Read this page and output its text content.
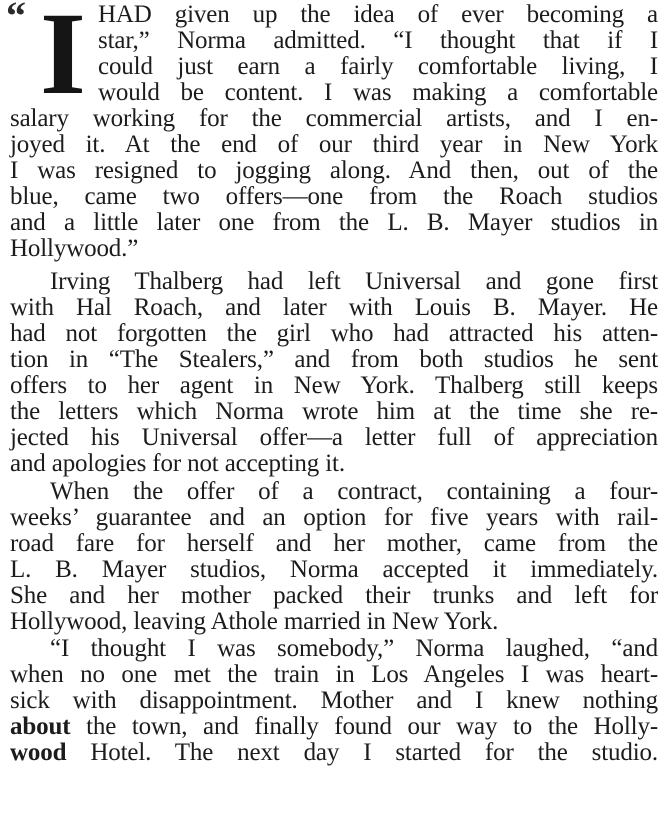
“ I HAD given up the idea of ever becoming a
star,” Norma admitted. “I thought that if I
could just earn a fairly comfortable living, I
would be content. I was making a comfortable
salary working for the commercial artists, and I en-
joyed it. At the end of our third year in New York
I was resigned to jogging along. And then, out of the
blue, came two offers—one from the Roach studios
and a little later one from the L. B. Mayer studios in
Hollywood.”
Irving Thalberg had left Universal and gone first
with Hal Roach, and later with Louis B. Mayer. He
had not forgotten the girl who had attracted his atten-
tion in “The Stealers,” and from both studios he sent
offers to her agent in New York. Thalberg still keeps
the letters which Norma wrote him at the time she re-
jected his Universal offer—a letter full of appreciation
and apologies for not accepting it.
When the offer of a contract, containing a four-
weeks’ guarantee and an option for five years with rail-
road fare for herself and her mother, came from the
L. B. Mayer studios, Norma accepted it immediately.
She and her mother packed their trunks and left for
Hollywood, leaving Athole married in New York.
“I thought I was somebody,” Norma laughed, “and
when no one met the train in Los Angeles I was heart-
sick with disappointment. Mother and I knew nothing
about the town, and finally found our way to the Holly-
wood Hotel. The next day I started for the studio.
